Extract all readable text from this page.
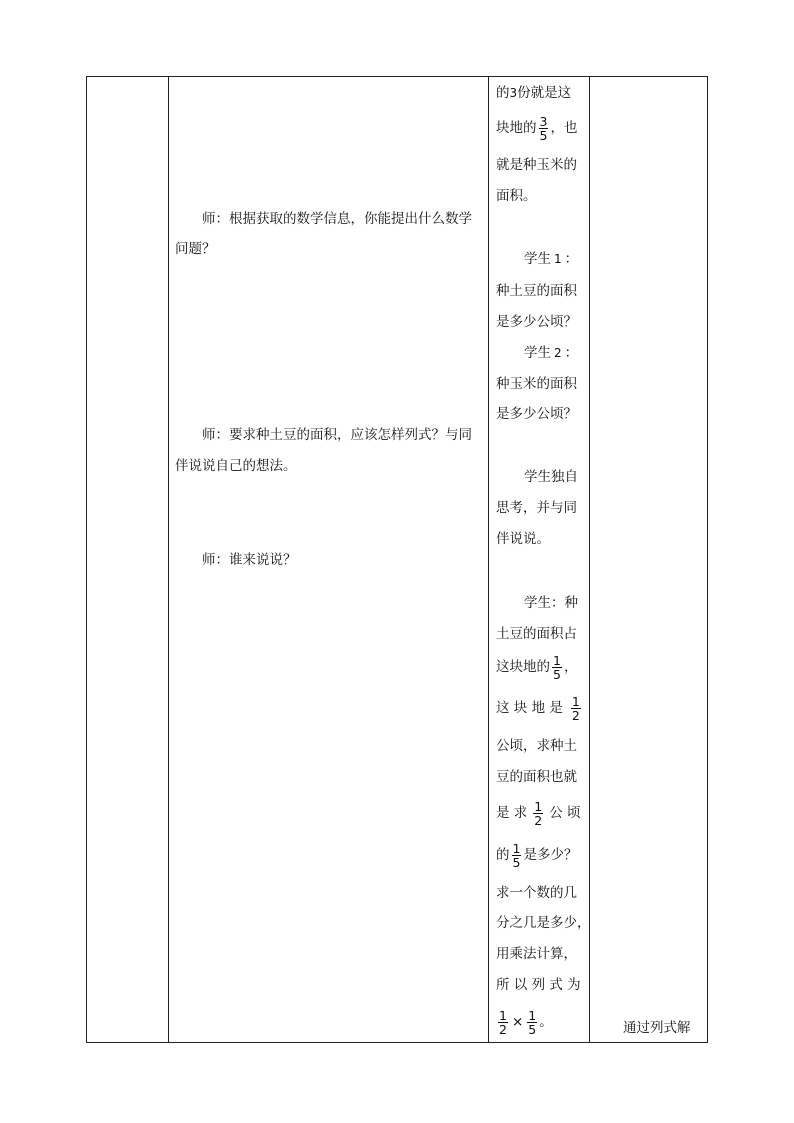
师：根据获取的数学信息，你能提出什么数学
问题？
师：要求种土豆的面积，应该怎样列式？与同
伴说说自己的想法。
师：谁来说说？
的3份就是这
块地的 $\frac{3}{5}$ ，也
就是种玉米的
面积。
学生 1 ：
种土豆的面积
是多少公顷？
学生 2 ：
种玉米的面积
是多少公顷？
学生独自
思考，并与同
伴说说。
学生：种
土豆的面积占
这块地的 $\frac{1}{5}$ ，
这 块 地 是 $\frac{1}{2}$
公顷，求种土
豆的面积也就
是 求 $\frac{1}{2}$ 公 顷
的 $\frac{1}{5}$ 是多少？
求一个数的几
分之几是多少，
用乘法计算，
所 以 列 式 为
$\frac{1}{2} \times \frac{1}{5}$ 。	通过列式解
